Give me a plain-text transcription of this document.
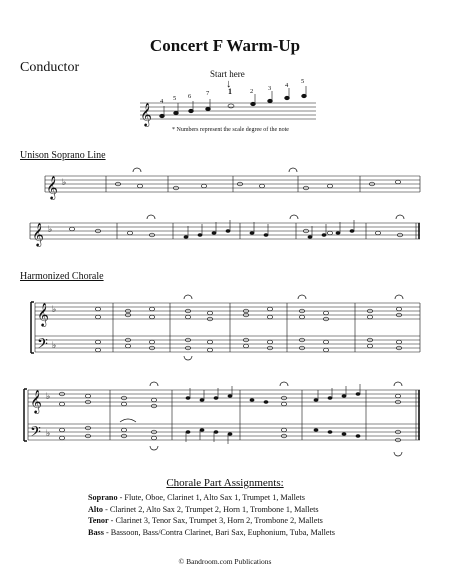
Concert F Warm-Up
Conductor	Start here
↓
4 5 6 7 1	2 3 4
5
* Numbers represent the scale degree of the note
Unison Soprano Line
Harmonized Chorale
𝄞
𝄞
𝄞
𝄞
𝄢
𝄞
𝄢
♭
♭
♭
♭
♭
♭
Chorale Part Assignments:
Soprano - Flute, Oboe, Clarinet 1, Alto Sax 1, Trumpet 1, Mallets
Alto - Clarinet 2, Alto Sax 2, Trumpet 2, Horn 1, Trombone 1, Mallets
Tenor - Clarinet 3, Tenor Sax, Trumpet 3, Horn 2, Trombone 2, Mallets
Bass - Bassoon, Bass/Contra Clarinet, Bari Sax, Euphonium, Tuba, Mallets
© Bandroom.com Publications
